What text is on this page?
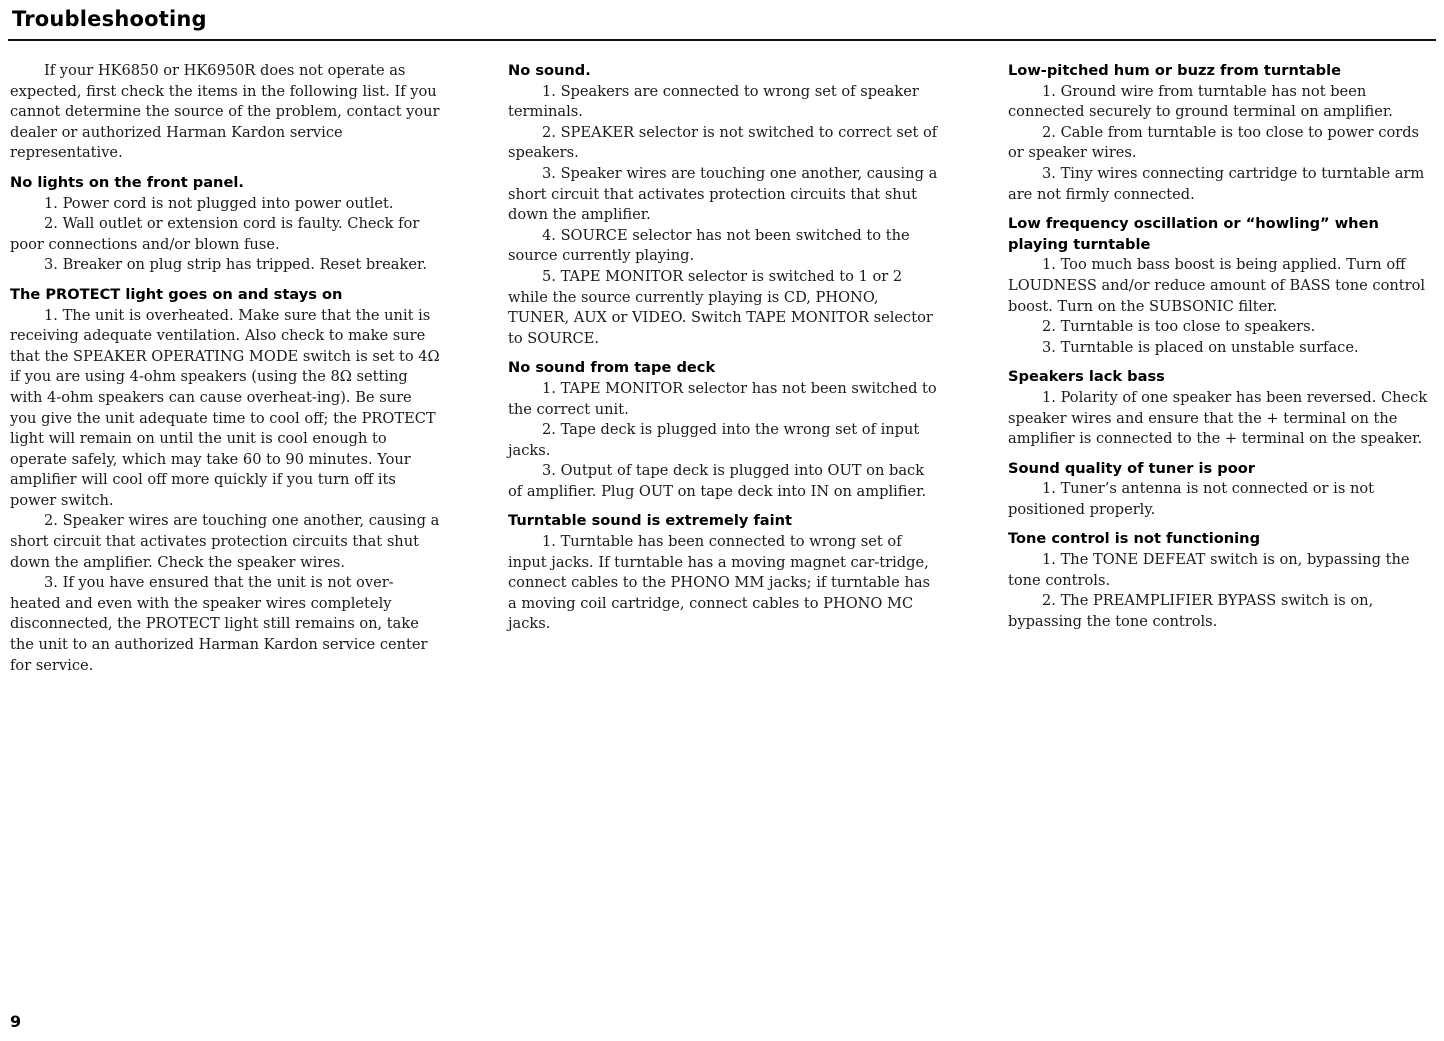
Troubleshooting

If your HK6850 or HK6950R does not operate as expected, first check the items in the following list. If you cannot determine the source of the problem, contact your dealer or authorized Harman Kardon service representative.

No lights on the front panel.

1. Power cord is not plugged into power outlet.

2. Wall outlet or extension cord is faulty. Check for poor connections and/or blown fuse.

3. Breaker on plug strip has tripped. Reset breaker.

The PROTECT light goes on and stays on

1. The unit is overheated. Make sure that the unit is receiving adequate ventilation. Also check to make sure that the SPEAKER OPERATING MODE switch is set to 4Ω if you are using 4-ohm speakers (using the 8Ω setting with 4-ohm speakers can cause overheat-ing). Be sure you give the unit adequate time to cool off; the PROTECT light will remain on until the unit is cool enough to operate safely, which may take 60 to 90 minutes. Your amplifier will cool off more quickly if you turn off its power switch.

2. Speaker wires are touching one another, causing a short circuit that activates protection circuits that shut down the amplifier. Check the speaker wires.

3. If you have ensured that the unit is not over-heated and even with the speaker wires completely disconnected, the PROTECT light still remains on, take the unit to an authorized Harman Kardon service center for service.

No sound.

1. Speakers are connected to wrong set of speaker terminals.

2. SPEAKER selector is not switched to correct set of speakers.

3. Speaker wires are touching one another, causing a short circuit that activates protection circuits that shut down the amplifier.

4. SOURCE selector has not been switched to the source currently playing.

5. TAPE MONITOR selector is switched to 1 or 2 while the source currently playing is CD, PHONO, TUNER, AUX or VIDEO. Switch TAPE MONITOR selector to SOURCE.

No sound from tape deck

1. TAPE MONITOR selector has not been switched to the correct unit.

2. Tape deck is plugged into the wrong set of input jacks.

3. Output of tape deck is plugged into OUT on back of amplifier. Plug OUT on tape deck into IN on amplifier.

Turntable sound is extremely faint

1. Turntable has been connected to wrong set of input jacks. If turntable has a moving magnet car-tridge, connect cables to the PHONO MM jacks; if turntable has a moving coil cartridge, connect cables to PHONO MC jacks.

Low-pitched hum or buzz from turntable

1. Ground wire from turntable has not been connected securely to ground terminal on amplifier.

2. Cable from turntable is too close to power cords or speaker wires.

3. Tiny wires connecting cartridge to turntable arm are not firmly connected.

Low frequency oscillation or “howling” when playing turntable

1. Too much bass boost is being applied. Turn off LOUDNESS and/or reduce amount of BASS tone control boost. Turn on the SUBSONIC filter.

2. Turntable is too close to speakers.

3. Turntable is placed on unstable surface.

Speakers lack bass

1. Polarity of one speaker has been reversed. Check speaker wires and ensure that the + terminal on the amplifier is connected to the + terminal on the speaker.

Sound quality of tuner is poor

1. Tuner’s antenna is not connected or is not positioned properly.

Tone control is not functioning

1. The TONE DEFEAT switch is on, bypassing the tone controls.

2. The PREAMPLIFIER BYPASS switch is on, bypassing the tone controls.

9
